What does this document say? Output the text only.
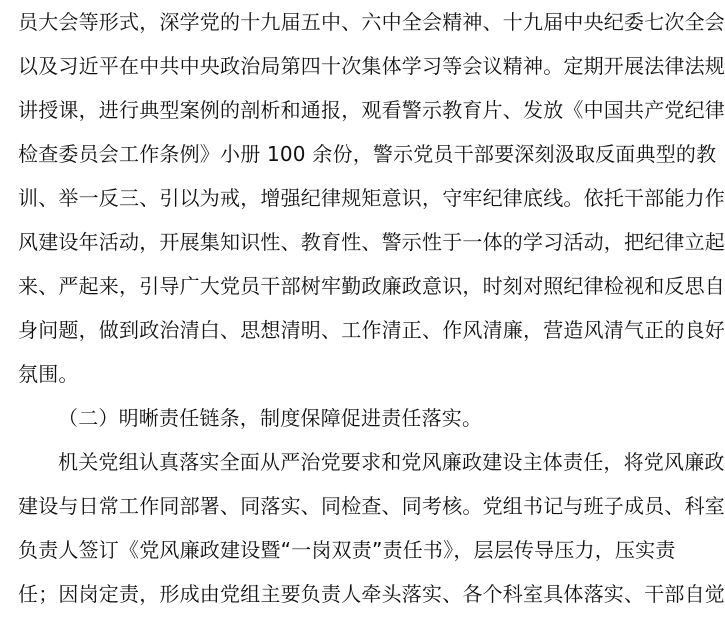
员大会等形式，深学党的十九届五中、六中全会精神、十九届中央纪委七次全会
以及习近平在中共中央政治局第四十次集体学习等会议精神。定期开展法律法规
讲授课，进行典型案例的剖析和通报，观看警示教育片、发放《中国共产党纪律
检查委员会工作条例》小册 100 余份，警示党员干部要深刻汲取反面典型的教
训、举一反三、引以为戒，增强纪律规矩意识，守牢纪律底线。依托干部能力作
风建设年活动，开展集知识性、教育性、警示性于一体的学习活动，把纪律立起
来、严起来，引导广大党员干部树牢勤政廉政意识，时刻对照纪律检视和反思自
身问题，做到政治清白、思想清明、工作清正、作风清廉，营造风清气正的良好
氛围。
（二）明晰责任链条，制度保障促进责任落实。
机关党组认真落实全面从严治党要求和党风廉政建设主体责任，将党风廉政
建设与日常工作同部署、同落实、同检查、同考核。党组书记与班子成员、科室
负责人签订《党风廉政建设暨“一岗双责”责任书》，层层传导压力，压实责
任；因岗定责，形成由党组主要负责人牵头落实、各个科室具体落实、干部自觉
